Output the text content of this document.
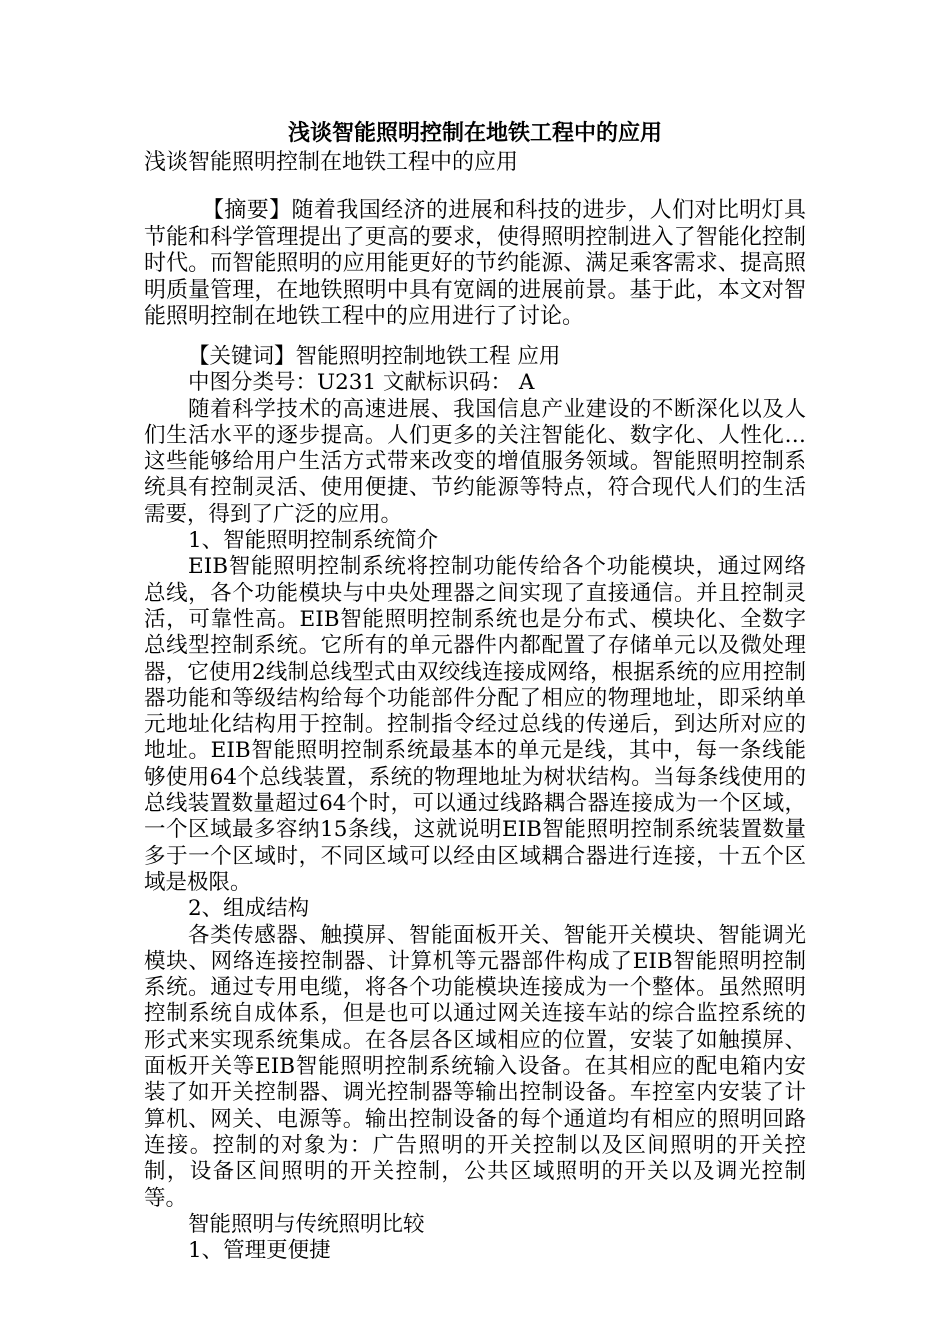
浅谈智能照明控制在地铁工程中的应用
浅谈智能照明控制在地铁工程中的应用
【摘要】随着我国经济的进展和科技的进步，人们对比明灯具节能和科学管理提出了更高的要求，使得照明控制进入了智能化控制时代。而智能照明的应用能更好的节约能源、满足乘客需求、提高照明质量管理，在地铁照明中具有宽阔的进展前景。基于此，本文对智能照明控制在地铁工程中的应用进行了讨论。

【关键词】智能照明控制地铁工程 应用

中图分类号：U231 文献标识码： A

随着科学技术的高速进展、我国信息产业建设的不断深化以及人们生活水平的逐步提高。人们更多的关注智能化、数字化、人性化…这些能够给用户生活方式带来改变的增值服务领域。智能照明控制系统具有控制灵活、使用便捷、节约能源等特点，符合现代人们的生活需要，得到了广泛的应用。

1、智能照明控制系统简介

EIB智能照明控制系统将控制功能传给各个功能模块，通过网络总线，各个功能模块与中央处理器之间实现了直接通信。并且控制灵活，可靠性高。EIB智能照明控制系统也是分布式、模块化、全数字总线型控制系统。它所有的单元器件内都配置了存储单元以及微处理器，它使用2线制总线型式由双绞线连接成网络，根据系统的应用控制器功能和等级结构给每个功能部件分配了相应的物理地址，即采纳单元地址化结构用于控制。控制指令经过总线的传递后，到达所对应的地址。EIB智能照明控制系统最基本的单元是线，其中，每一条线能够使用64个总线装置，系统的物理地址为树状结构。当每条线使用的总线装置数量超过64个时，可以通过线路耦合器连接成为一个区域，一个区域最多容纳15条线，这就说明EIB智能照明控制系统装置数量多于一个区域时，不同区域可以经由区域耦合器进行连接，十五个区域是极限。

2、组成结构

各类传感器、触摸屏、智能面板开关、智能开关模块、智能调光模块、网络连接控制器、计算机等元器部件构成了EIB智能照明控制系统。通过专用电缆，将各个功能模块连接成为一个整体。虽然照明控制系统自成体系，但是也可以通过网关连接车站的综合监控系统的形式来实现系统集成。在各层各区域相应的位置，安装了如触摸屏、面板开关等EIB智能照明控制系统输入设备。在其相应的配电箱内安装了如开关控制器、调光控制器等输出控制设备。车控室内安装了计算机、网关、电源等。输出控制设备的每个通道均有相应的照明回路连接。控制的对象为：广告照明的开关控制以及区间照明的开关控制，设备区间照明的开关控制，公共区域照明的开关以及调光控制等。

智能照明与传统照明比较

1、管理更便捷
